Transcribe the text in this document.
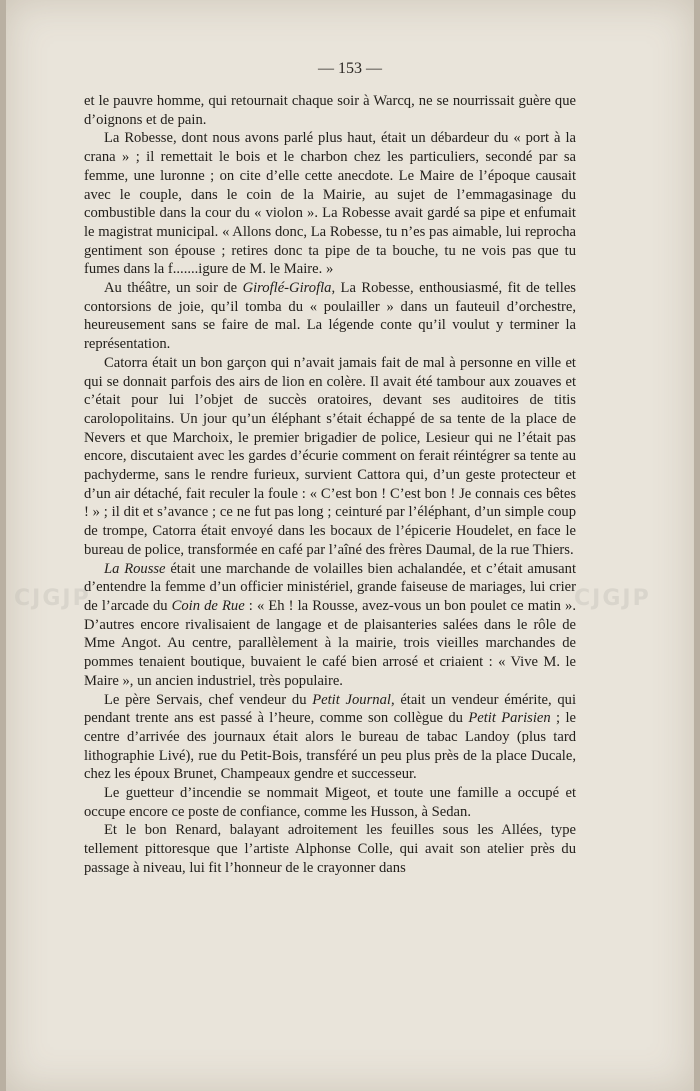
— 153 —
CJGJP	CJGJP

et le pauvre homme, qui retournait chaque soir à Warcq, ne se nourrissait guère que d’oignons et de pain.

La Robesse, dont nous avons parlé plus haut, était un débardeur du « port à la crana » ; il remettait le bois et le charbon chez les particuliers, secondé par sa femme, une luronne ; on cite d’elle cette anecdote. Le Maire de l’époque causait avec le couple, dans le coin de la Mairie, au sujet de l’emmagasinage du combustible dans la cour du « violon ». La Robesse avait gardé sa pipe et enfumait le magistrat municipal. « Allons donc, La Robesse, tu n’es pas aimable, lui reprocha gentiment son épouse ; retires donc ta pipe de ta bouche, tu ne vois pas que tu fumes dans la f.......igure de M. le Maire. »

Au théâtre, un soir de Giroflé-Girofla, La Robesse, enthousiasmé, fit de telles contorsions de joie, qu’il tomba du « poulailler » dans un fauteuil d’orchestre, heureusement sans se faire de mal. La légende conte qu’il voulut y terminer la représentation.

Catorra était un bon garçon qui n’avait jamais fait de mal à personne en ville et qui se donnait parfois des airs de lion en colère. Il avait été tambour aux zouaves et c’était pour lui l’objet de succès oratoires, devant ses auditoires de titis carolopolitains. Un jour qu’un éléphant s’était échappé de sa tente de la place de Nevers et que Marchoix, le premier brigadier de police, Lesieur qui ne l’était pas encore, discutaient avec les gardes d’écurie comment on ferait réintégrer sa tente au pachyderme, sans le rendre furieux, survient Cattora qui, d’un geste protecteur et d’un air détaché, fait reculer la foule : « C’est bon ! C’est bon ! Je connais ces bêtes ! » ; il dit et s’avance ; ce ne fut pas long ; ceinturé par l’éléphant, d’un simple coup de trompe, Catorra était envoyé dans les bocaux de l’épicerie Houdelet, en face le bureau de police, transformée en café par l’aîné des frères Daumal, de la rue Thiers.

La Rousse était une marchande de volailles bien achalandée, et c’était amusant d’entendre la femme d’un officier ministériel, grande faiseuse de mariages, lui crier de l’arcade du Coin de Rue : « Eh ! la Rousse, avez-vous un bon poulet ce matin ». D’autres encore rivalisaient de langage et de plaisanteries salées dans le rôle de Mme Angot. Au centre, parallèlement à la mairie, trois vieilles marchandes de pommes tenaient boutique, buvaient le café bien arrosé et criaient : « Vive M. le Maire », un ancien industriel, très populaire.

Le père Servais, chef vendeur du Petit Journal, était un vendeur émérite, qui pendant trente ans est passé à l’heure, comme son collègue du Petit Parisien ; le centre d’arrivée des journaux était alors le bureau de tabac Landoy (plus tard lithographie Livé), rue du Petit-Bois, transféré un peu plus près de la place Ducale, chez les époux Brunet, Champeaux gendre et successeur.

Le guetteur d’incendie se nommait Migeot, et toute une famille a occupé et occupe encore ce poste de confiance, comme les Husson, à Sedan.

Et le bon Renard, balayant adroitement les feuilles sous les Allées, type tellement pittoresque que l’artiste Alphonse Colle, qui avait son atelier près du passage à niveau, lui fit l’honneur de le crayonner dans
